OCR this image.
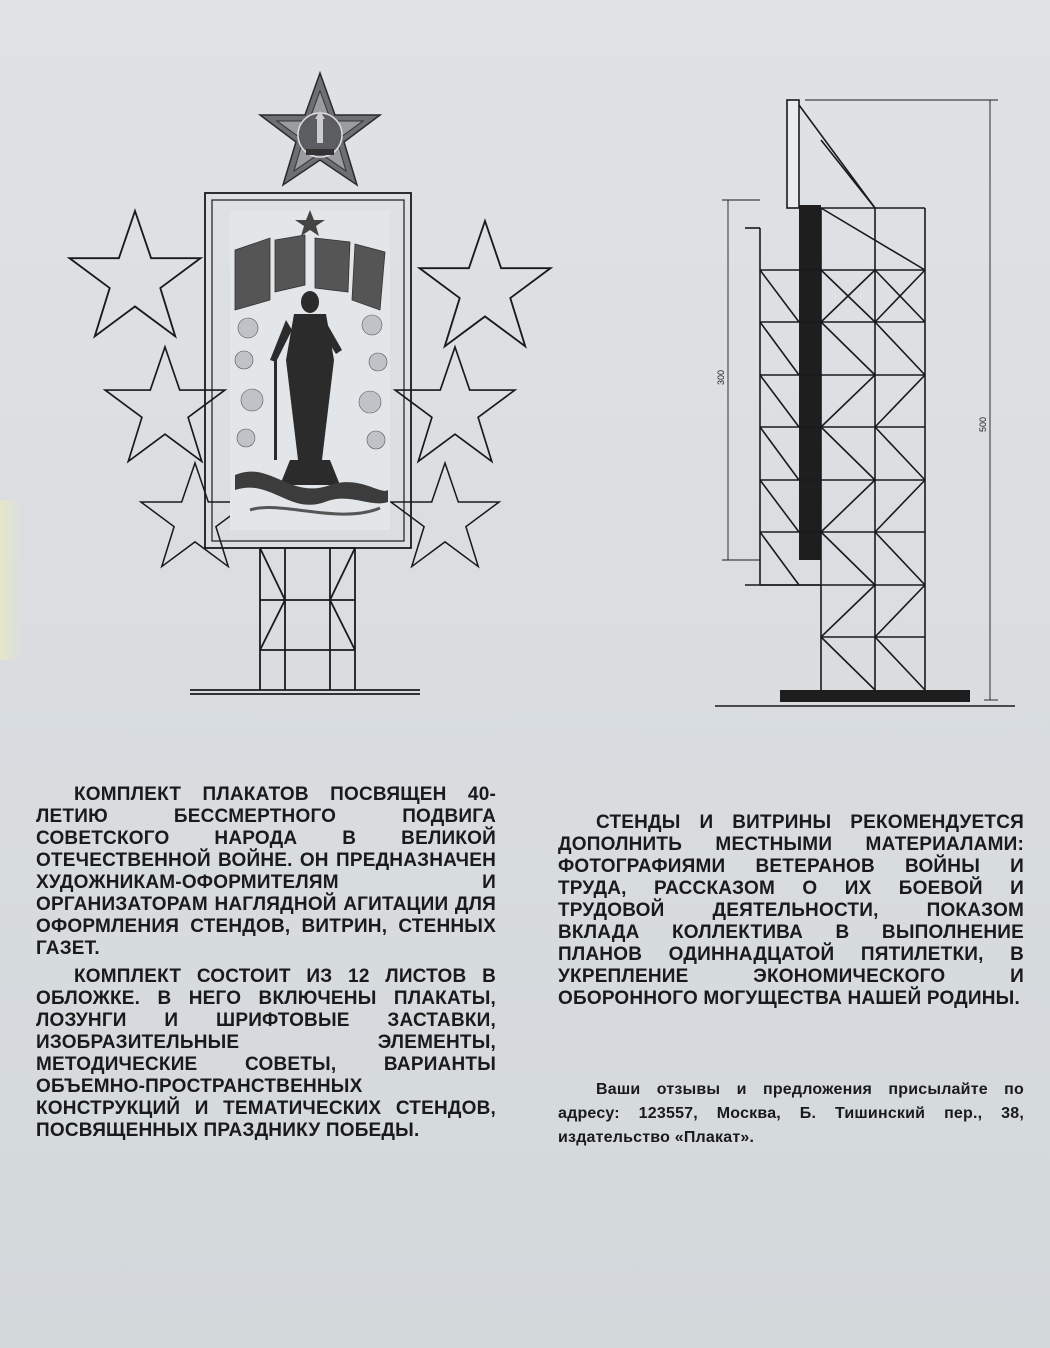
300
500

КОМПЛЕКТ ПЛАКАТОВ ПОСВЯЩЕН 40-ЛЕТИЮ БЕССМЕРТНОГО ПОДВИГА СОВЕТСКОГО НАРОДА В ВЕЛИКОЙ ОТЕЧЕСТВЕННОЙ ВОЙНЕ. ОН ПРЕДНАЗНАЧЕН ХУДОЖНИКАМ-ОФОРМИТЕЛЯМ И ОРГАНИЗАТОРАМ НАГЛЯДНОЙ АГИТАЦИИ ДЛЯ ОФОРМЛЕНИЯ СТЕНДОВ, ВИТРИН, СТЕННЫХ ГАЗЕТ.

КОМПЛЕКТ СОСТОИТ ИЗ 12 ЛИСТОВ В ОБЛОЖКЕ. В НЕГО ВКЛЮЧЕНЫ ПЛАКАТЫ, ЛОЗУНГИ И ШРИФТОВЫЕ ЗАСТАВКИ, ИЗОБРАЗИТЕЛЬНЫЕ ЭЛЕМЕНТЫ, МЕТОДИЧЕСКИЕ СОВЕТЫ, ВАРИАНТЫ ОБЪЕМНО-ПРОСТРАНСТВЕННЫХ КОНСТРУКЦИЙ И ТЕМАТИЧЕСКИХ СТЕНДОВ, ПОСВЯЩЕННЫХ ПРАЗДНИКУ ПОБЕДЫ.

СТЕНДЫ И ВИТРИНЫ РЕКОМЕНДУЕТСЯ ДОПОЛНИТЬ МЕСТНЫМИ МАТЕРИАЛАМИ: ФОТОГРАФИЯМИ ВЕТЕРАНОВ ВОЙНЫ И ТРУДА, РАССКАЗОМ О ИХ БОЕВОЙ И ТРУДОВОЙ ДЕЯТЕЛЬНОСТИ, ПОКАЗОМ ВКЛАДА КОЛЛЕКТИВА В ВЫПОЛНЕНИЕ ПЛАНОВ ОДИННАДЦАТОЙ ПЯТИЛЕТКИ, В УКРЕПЛЕНИЕ ЭКОНОМИЧЕСКОГО И ОБОРОННОГО МОГУЩЕСТВА НАШЕЙ РОДИНЫ.

Ваши отзывы и предложения присылайте по адресу: 123557, Москва, Б. Тишинский пер., 38, издательство «Плакат».
